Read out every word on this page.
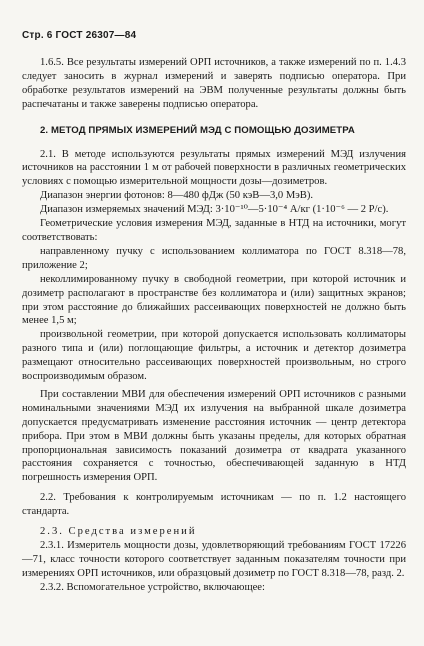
Стр. 6 ГОСТ 26307—84

1.6.5. Все результаты измерений ОРП источников, а также измерений по п. 1.4.3 следует заносить в журнал измерений и заверять подписью оператора. При обработке результатов измерений на ЭВМ полученные результаты должны быть распечатаны и также заверены подписью оператора.

2. МЕТОД ПРЯМЫХ ИЗМЕРЕНИЙ МЭД С ПОМОЩЬЮ ДОЗИМЕТРА

2.1. В методе используются результаты прямых измерений МЭД излучения источников на расстоянии 1 м от рабочей поверхности в различных геометрических условиях с помощью измерительной мощности дозы—дозиметров.

Диапазон энергии фотонов: 8—480 фДж (50 кэВ—3,0 МэВ).

Диапазон измеряемых значений МЭД: 3·10⁻¹⁰—5·10⁻⁴ А/кг (1·10⁻⁶ — 2 Р/с).

Геометрические условия измерения МЭД, заданные в НТД на источники, могут соответствовать:

направленному пучку с использованием коллиматора по ГОСТ 8.318—78, приложение 2;

неколлимированному пучку в свободной геометрии, при которой источник и дозиметр располагают в пространстве без коллиматора и (или) защитных экранов; при этом расстояние до ближайших рассеивающих поверхностей не должно быть менее 1,5 м;

произвольной геометрии, при которой допускается использовать коллиматоры разного типа и (или) поглощающие фильтры, а источник и детектор дозиметра размещают относительно рассеивающих поверхностей произвольным, но строго воспроизводимым образом.

При составлении МВИ для обеспечения измерений ОРП источников с разными номинальными значениями МЭД их излучения на выбранной шкале дозиметра допускается предусматривать изменение расстояния источник — центр детектора прибора. При этом в МВИ должны быть указаны пределы, для которых обратная пропорциональная зависимость показаний дозиметра от квадрата указанного расстояния сохраняется с точностью, обеспечивающей заданную в НТД погрешность измерения ОРП.

2.2. Требования к контролируемым источникам — по п. 1.2 настоящего стандарта.

2.3. Средства измерений

2.3.1. Измеритель мощности дозы, удовлетворяющий требованиям ГОСТ 17226—71, класс точности которого соответствует заданным показателям точности при измерениях ОРП источников, или образцовый дозиметр по ГОСТ 8.318—78, разд. 2.

2.3.2. Вспомогательное устройство, включающее:
